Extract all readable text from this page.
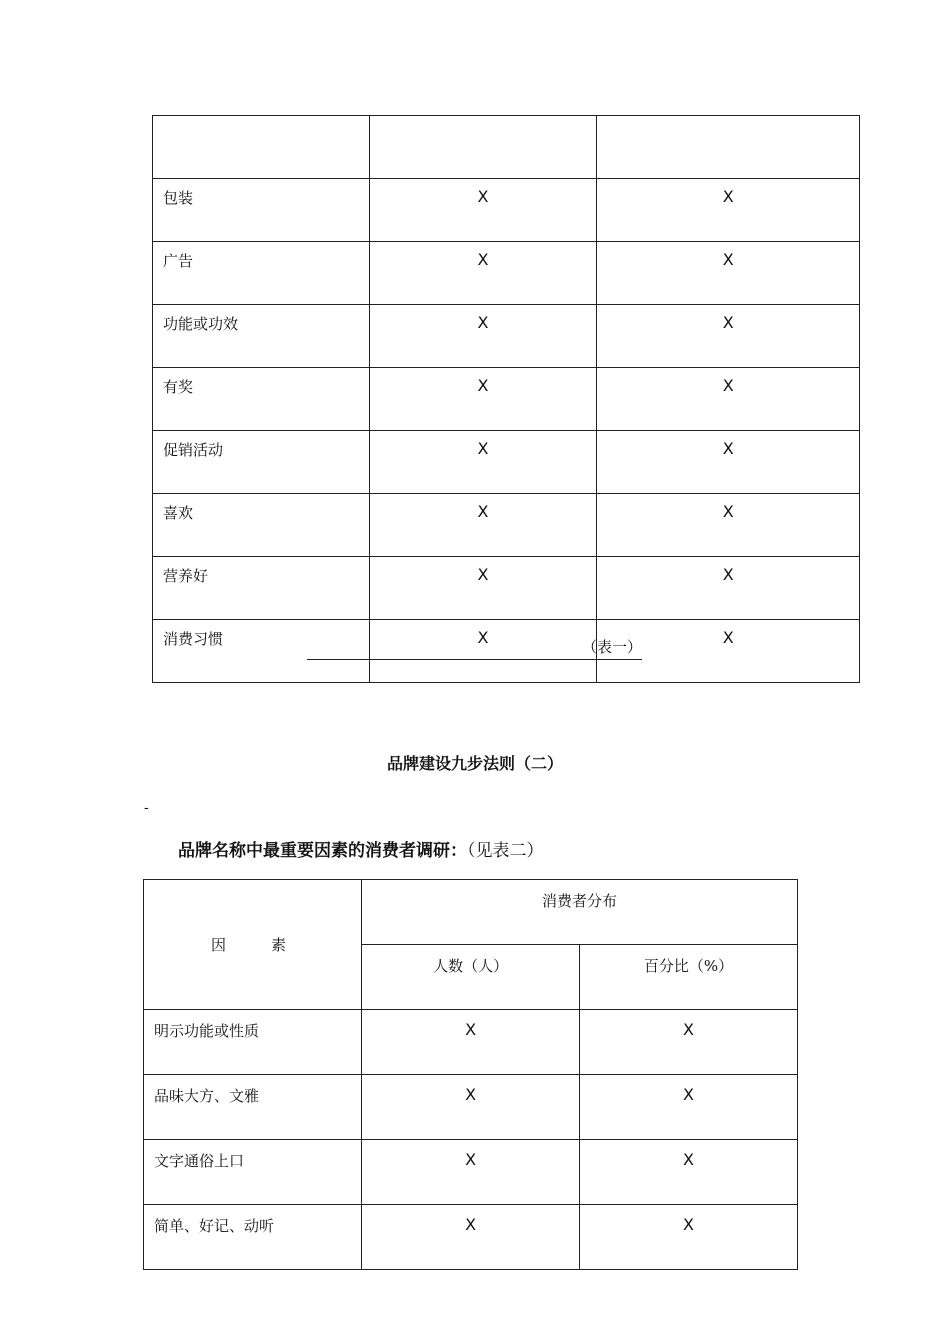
包装	X	X
广告	X	X
功能或功效	X	X
有奖	X	X
促销活动	X	X
喜欢	X	X
营养好	X	X
消费习惯	X	X
（表一）
品牌建设九步法则（二）
-
品牌名称中最重要因素的消费者调研：（见表二）
因　　　素	消费者分布	
	人数（人）	百分比（%）
明示功能或性质	X	X
品味大方、文雅	X	X
文字通俗上口	X	X
简单、好记、动听	X	X
